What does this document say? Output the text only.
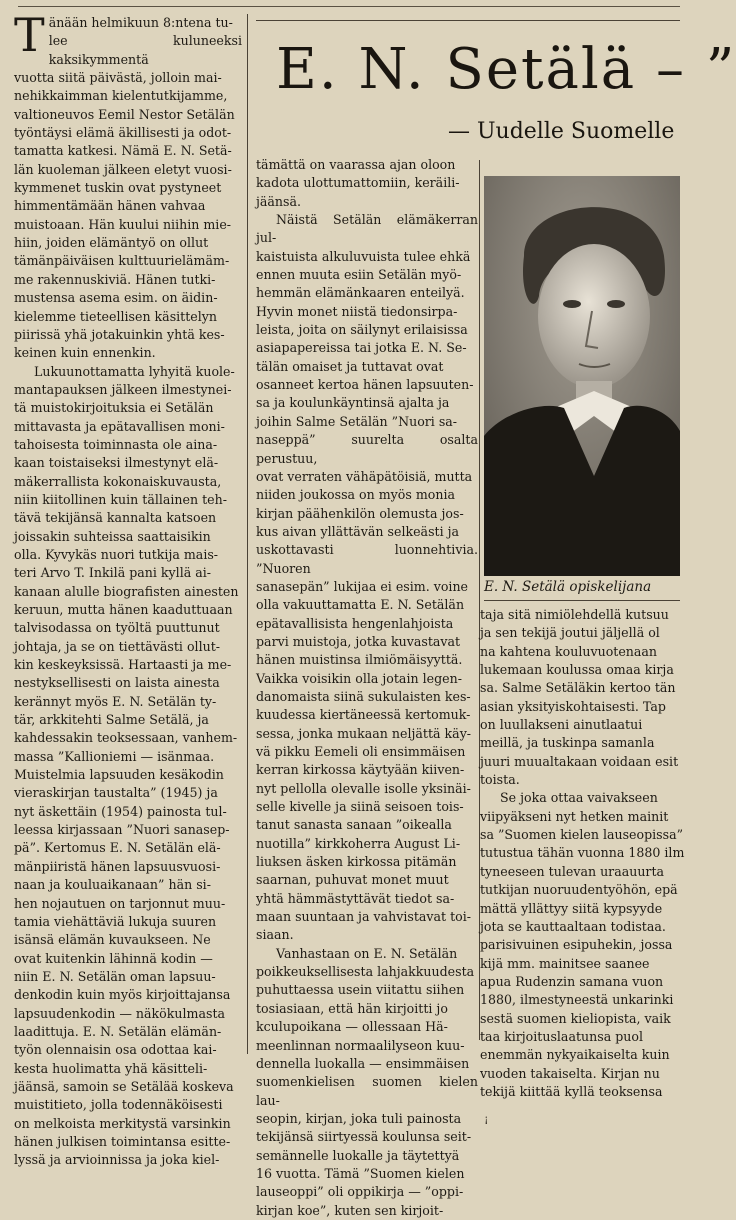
E. N. Setälä – ”
— Uudelle Suomelle
E. N. Setälä opiskelijana

Tänään helmikuun 8:ntena tu-
lee kuluneeksi kaksikymmentä
vuotta siitä päivästä, jolloin mai-
nehikkaimman kielentutkijamme,
valtioneuvos Eemil Nestor Setälän
työntäysi elämä äkillisesti ja odot-
tamatta katkesi. Nämä E. N. Setä-
län kuoleman jälkeen eletyt vuosi-
kymmenet tuskin ovat pystyneet
himmentämään hänen vahvaa
muistoaan. Hän kuului niihin mie-
hiin, joiden elämäntyö on ollut
tämänpäiväisen kulttuurielämäm-
me rakennuskiviä. Hänen tutki-
mustensa asema esim. on äidin-
kielemme tieteellisen käsittelyn
piirissä yhä jotakuinkin yhtä kes-
keinen kuin ennenkin.

Lukuunottamatta lyhyitä kuole-
mantapauksen jälkeen ilmestynei-
tä muistokirjoituksia ei Setälän
mittavasta ja epätavallisen moni-
tahoisesta toiminnasta ole aina-
kaan toistaiseksi ilmestynyt elä-
mäkerrallista kokonaiskuvausta,
niin kiitollinen kuin tällainen teh-
tävä tekijänsä kannalta katsoen
joissakin suhteissa saattaisikin
olla. Kyvykäs nuori tutkija mais-
teri Arvo T. Inkilä pani kyllä ai-
kanaan alulle biografisten ainesten
keruun, mutta hänen kaaduttuaan
talvisodassa on työltä puuttunut
johtaja, ja se on tiettävästi ollut-
kin keskeyksissä. Hartaasti ja me-
nestyksellisesti on laista ainesta
kerännyt myös E. N. Setälän ty-
tär, arkkitehti Salme Setälä, ja
kahdessakin teoksessaan, vanhem-
massa ”Kallioniemi — isänmaa.
Muistelmia lapsuuden kesäkodin
vieraskirjan taustalta” (1945) ja
nyt äskettäin (1954) painosta tul-
leessa kirjassaan ”Nuori sanasep-
pä”. Kertomus E. N. Setälän elä-
mänpiiristä hänen lapsuusvuosi-
naan ja kouluaikanaan” hän si-
hen nojautuen on tarjonnut muu-
tamia viehättäviä lukuja suuren
isänsä elämän kuvaukseen. Ne
ovat kuitenkin lähinnä kodin —
niin E. N. Setälän oman lapsuu-
denkodin kuin myös kirjoittajansa
lapsuudenkodin — näkökulmasta
laadittuja. E. N. Setälän elämän-
työn olennaisin osa odottaa kai-
kesta huolimatta yhä käsitteli-
jäänsä, samoin se Setälää koskeva
muistitieto, jolla todennäköisesti
on melkoista merkitystä varsinkin
hänen julkisen toimintansa esitte-
lyssä ja arvioinnissa ja joka kiel-

tämättä on vaarassa ajan oloon
kadota ulottumattomiin, keräili-
jäänsä.

Näistä Setälän elämäkerran jul-
kaistuista alkuluvuista tulee ehkä
ennen muuta esiin Setälän myö-
hemmän elämänkaaren enteilyä.
Hyvin monet niistä tiedonsirpa-
leista, joita on säilynyt erilaisissa
asiapapereissa tai jotka E. N. Se-
tälän omaiset ja tuttavat ovat
osanneet kertoa hänen lapsuuten-
sa ja koulunkäyntinsä ajalta ja
joihin Salme Setälän ”Nuori sa-
naseppä” suurelta osalta perustuu,
ovat verraten vähäpätöisiä, mutta
niiden joukossa on myös monia
kirjan päähenkilön olemusta jos-
kus aivan yllättävän selkeästi ja
uskottavasti luonnehtivia. ”Nuoren
sanasepän” lukijaa ei esim. voine
olla vakuuttamatta E. N. Setälän
epätavallisista hengenlahjoista
parvi muistoja, jotka kuvastavat
hänen muistinsa ilmiömäisyyttä.
Vaikka voisikin olla jotain legen-
danomaista siinä sukulaisten kes-
kuudessa kiertäneessä kertomuk-
sessa, jonka mukaan neljättä käy-
vä pikku Eemeli oli ensimmäisen
kerran kirkossa käytyään kiiven-
nyt pellolla olevalle isolle yksinäi-
selle kivelle ja siinä seisoen tois-
tanut sanasta sanaan ”oikealla
nuotilla” kirkkoherra August Li-
liuksen äsken kirkossa pitämän
saarnan, puhuvat monet muut
yhtä hämmästyttävät tiedot sa-
maan suuntaan ja vahvistavat toi-
siaan.

Vanhastaan on E. N. Setälän
poikkeuksellisesta lahjakkuudesta
puhuttaessa usein viitattu siihen
tosiasiaan, että hän kirjoitti jo
kculupoikana — ollessaan Hä-
meenlinnan normaalilyseon kuu-
dennella luokalla — ensimmäisen
suomenkielisen suomen kielen lau-
seopin, kirjan, joka tuli painosta
tekijänsä siirtyessä koulunsa seit-
semännelle luokalle ja täytettyä
16 vuotta. Tämä ”Suomen kielen
lauseoppi” oli oppikirja — ”oppi-
kirjan koe”, kuten sen kirjoit-

taja sitä nimiölehdellä kutsuu
ja sen tekijä joutui jäljellä ol
na kahtena kouluvuotenaan
lukemaan koulussa omaa kirja
sa. Salme Setäläkin kertoo tän
asian yksityiskohtaisesti. Tap
on luullakseni ainutlaatui
meillä, ja tuskinpa samanla
juuri muualtakaan voidaan esit
toista.

Se joka ottaa vaivakseen
viipyäkseni nyt hetken mainit
sa ”Suomen kielen lauseopissa”
tutustua tähän vuonna 1880 ilm
tyneeseen tulevan uraauurta
tutkijan nuoruudentyöhön, epä
mättä yllättyy siitä kypsyyde
jota se kauttaaltaan todistaa.
parisivuinen esipuhekin, jossa
kijä mm. mainitsee saanee
apua Rudenzin samana vuon
1880, ilmestyneestä unkarinki
sestä suomen kieliopista, vaik
taa kirjoituslaatunsa puol
enemmän nykyaikaiselta kuin
vuoden takaiselta. Kirjan nu
tekijä kiittää kyllä teoksensa

ꜟ
